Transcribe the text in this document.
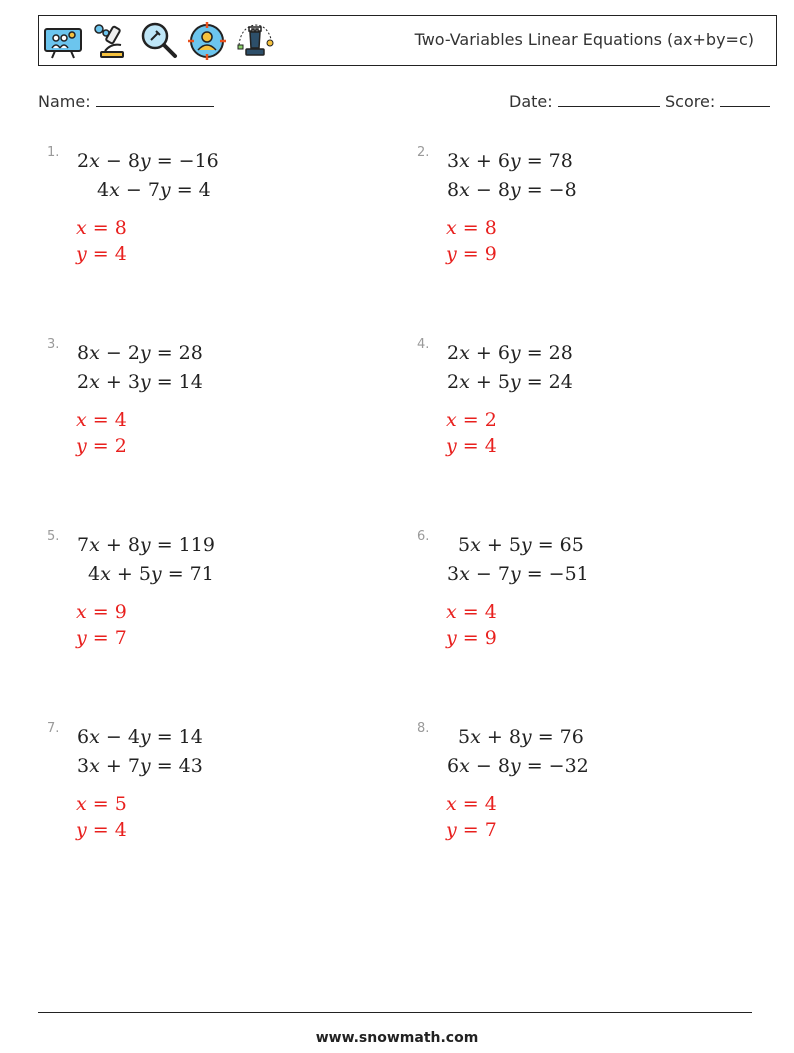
Two-Variables Linear Equations (ax+by=c)
Name:	Date:	Score:
1. 2x − 8y = −16
4x − 7y = 4
x = 8
y = 4
2. 3x + 6y = 78
8x − 8y = −8
x = 8
y = 9
3. 8x − 2y = 28
2x + 3y = 14
x = 4
y = 2
4. 2x + 6y = 28
2x + 5y = 24
x = 2
y = 4
5. 7x + 8y = 119
4x + 5y = 71
x = 9
y = 7
6. 5x + 5y = 65
3x − 7y = −51
x = 4
y = 9
7. 6x − 4y = 14
3x + 7y = 43
x = 5
y = 4
8. 5x + 8y = 76
6x − 8y = −32
x = 4
y = 7
www.snowmath.com
